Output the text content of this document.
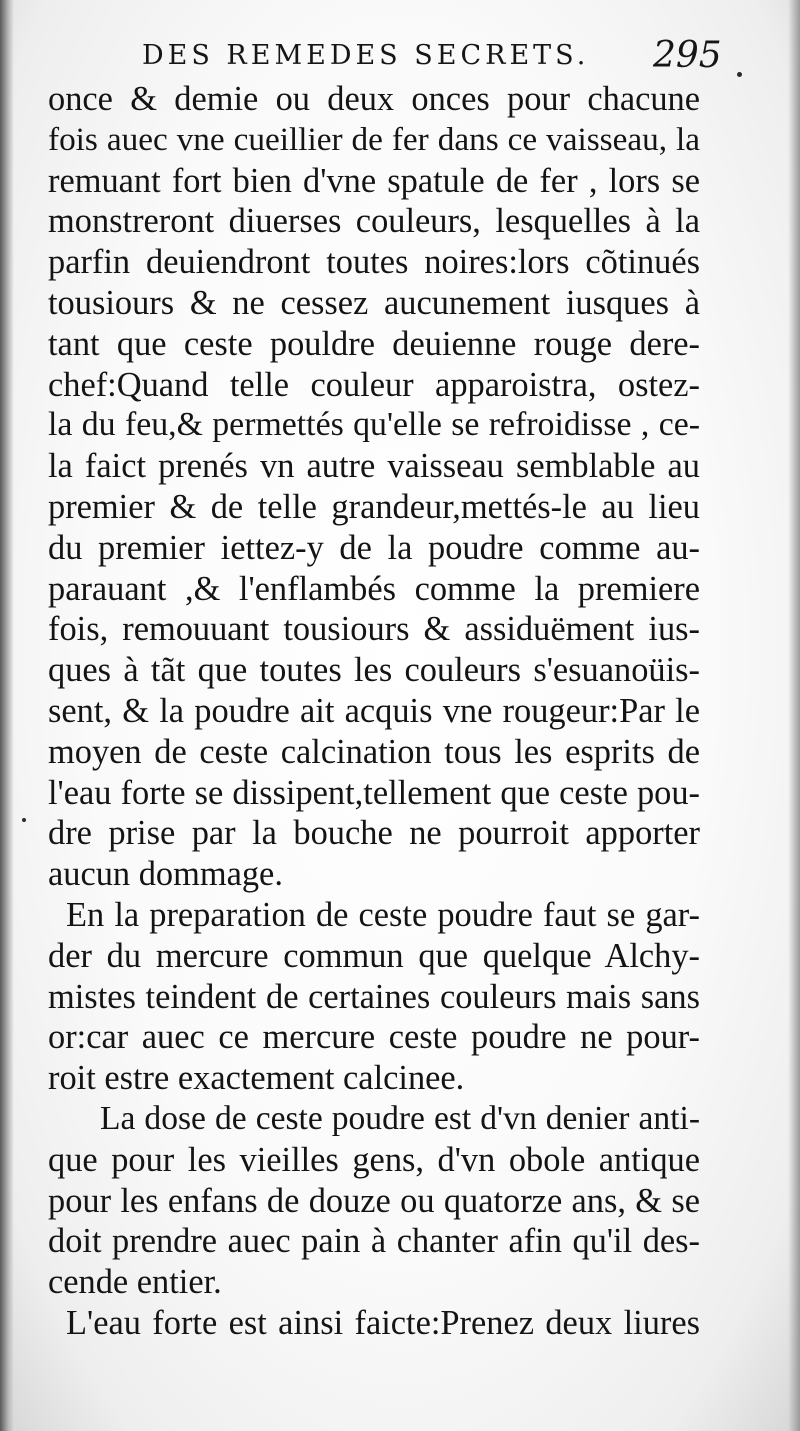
DES REMEDES SECRETS. 295
once & demie ou deux onces pour chacune
fois auec vne cueillier de fer dans ce vaisseau, la
remuant fort bien d'vne spatule de fer , lors se
monstreront diuerses couleurs, lesquelles à la
parfin deuiendront toutes noires:lors cõtinués
tousiours & ne cessez aucunement iusques à
tant que ceste pouldre deuienne rouge dere-
chef:Quand telle couleur apparoistra, ostez-
la du feu,& permettés qu'elle se refroidisse , ce-
la faict prenés vn autre vaisseau semblable au
premier & de telle grandeur,mettés-le au lieu
du premier iettez-y de la poudre comme au-
parauant ,& l'enflambés comme la premiere
fois, remouuant tousiours & assiduëment ius-
ques à tãt que toutes les couleurs s'esuanoüis-
sent, & la poudre ait acquis vne rougeur:Par le
moyen de ceste calcination tous les esprits de
l'eau forte se dissipent,tellement que ceste pou-
dre prise par la bouche ne pourroit apporter
aucun dommage.
En la preparation de ceste poudre faut se gar-
der du mercure commun que quelque Alchy-
mistes teindent de certaines couleurs mais sans
or:car auec ce mercure ceste poudre ne pour-
roit estre exactement calcinee.
La dose de ceste poudre est d'vn denier anti-
que pour les vieilles gens, d'vn obole antique
pour les enfans de douze ou quatorze ans, & se
doit prendre auec pain à chanter afin qu'il des-
cende entier.
L'eau forte est ainsi faicte:Prenez deux liures
